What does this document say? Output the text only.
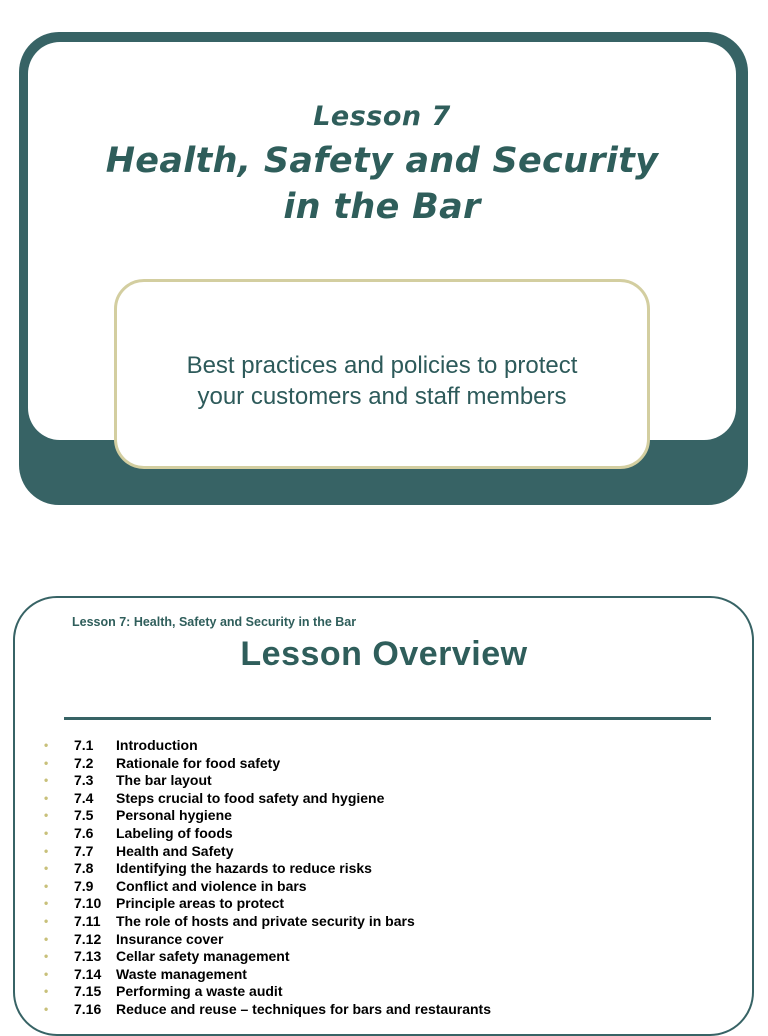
Lesson 7
Health, Safety and Security
in the Bar
Best practices and policies to protect
your customers and staff members
Lesson 7: Health, Safety and Security in the Bar
Lesson Overview
• 7.1 Introduction
• 7.2 Rationale for food safety
• 7.3 The bar layout
• 7.4 Steps crucial to food safety and hygiene
• 7.5 Personal hygiene
• 7.6 Labeling of foods
• 7.7 Health and Safety
• 7.8 Identifying the hazards to reduce risks
• 7.9 Conflict and violence in bars
• 7.10 Principle areas to protect
• 7.11 The role of hosts and private security in bars
• 7.12 Insurance cover
• 7.13 Cellar safety management
• 7.14 Waste management
• 7.15 Performing a waste audit
• 7.16 Reduce and reuse – techniques for bars and restaurants
